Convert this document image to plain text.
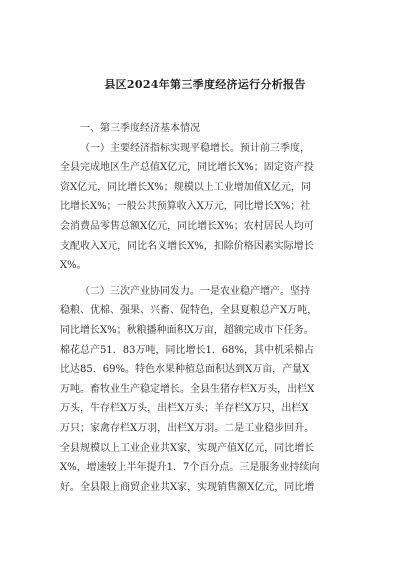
县区2024年第三季度经济运行分析报告
一、第三季度经济基本情况
（一）主要经济指标实现平稳增长。预计前三季度，
全县完成地区生产总值X亿元，同比增长X%；固定资产投
资X亿元，同比增长X%；规模以上工业增加值X亿元，同
比增长X%；一般公共预算收入X万元，同比增长X%；社
会消费品零售总额X亿元，同比增长X%；农村居民人均可
支配收入X元，同比名义增长X%，扣除价格因素实际增长
X%。
（二）三次产业协同发力。一是农业稳产增产。坚持
稳粮、优棉、强果、兴畜、促特色，全县夏粮总产X万吨，
同比增长X%；秋粮播种面积X万亩，超额完成市下任务。
棉花总产51．83万吨，同比增长1．68%，其中机采棉占
比达85．69%。特色水果种植总面积达到X万亩，产量X
万吨。畜牧业生产稳定增长。全县生猪存栏X万头，出栏X
万头，牛存栏X万头，出栏X万头；羊存栏X万只，出栏X
万只；家禽存栏X万羽，出栏X万羽。二是工业稳步回升。
全县规模以上工业企业共X家，实现产值X亿元，同比增长
X%，增速较上半年提升1．7个百分点。三是服务业持续向
好。全县限上商贸企业共X家，实现销售额X亿元，同比增
